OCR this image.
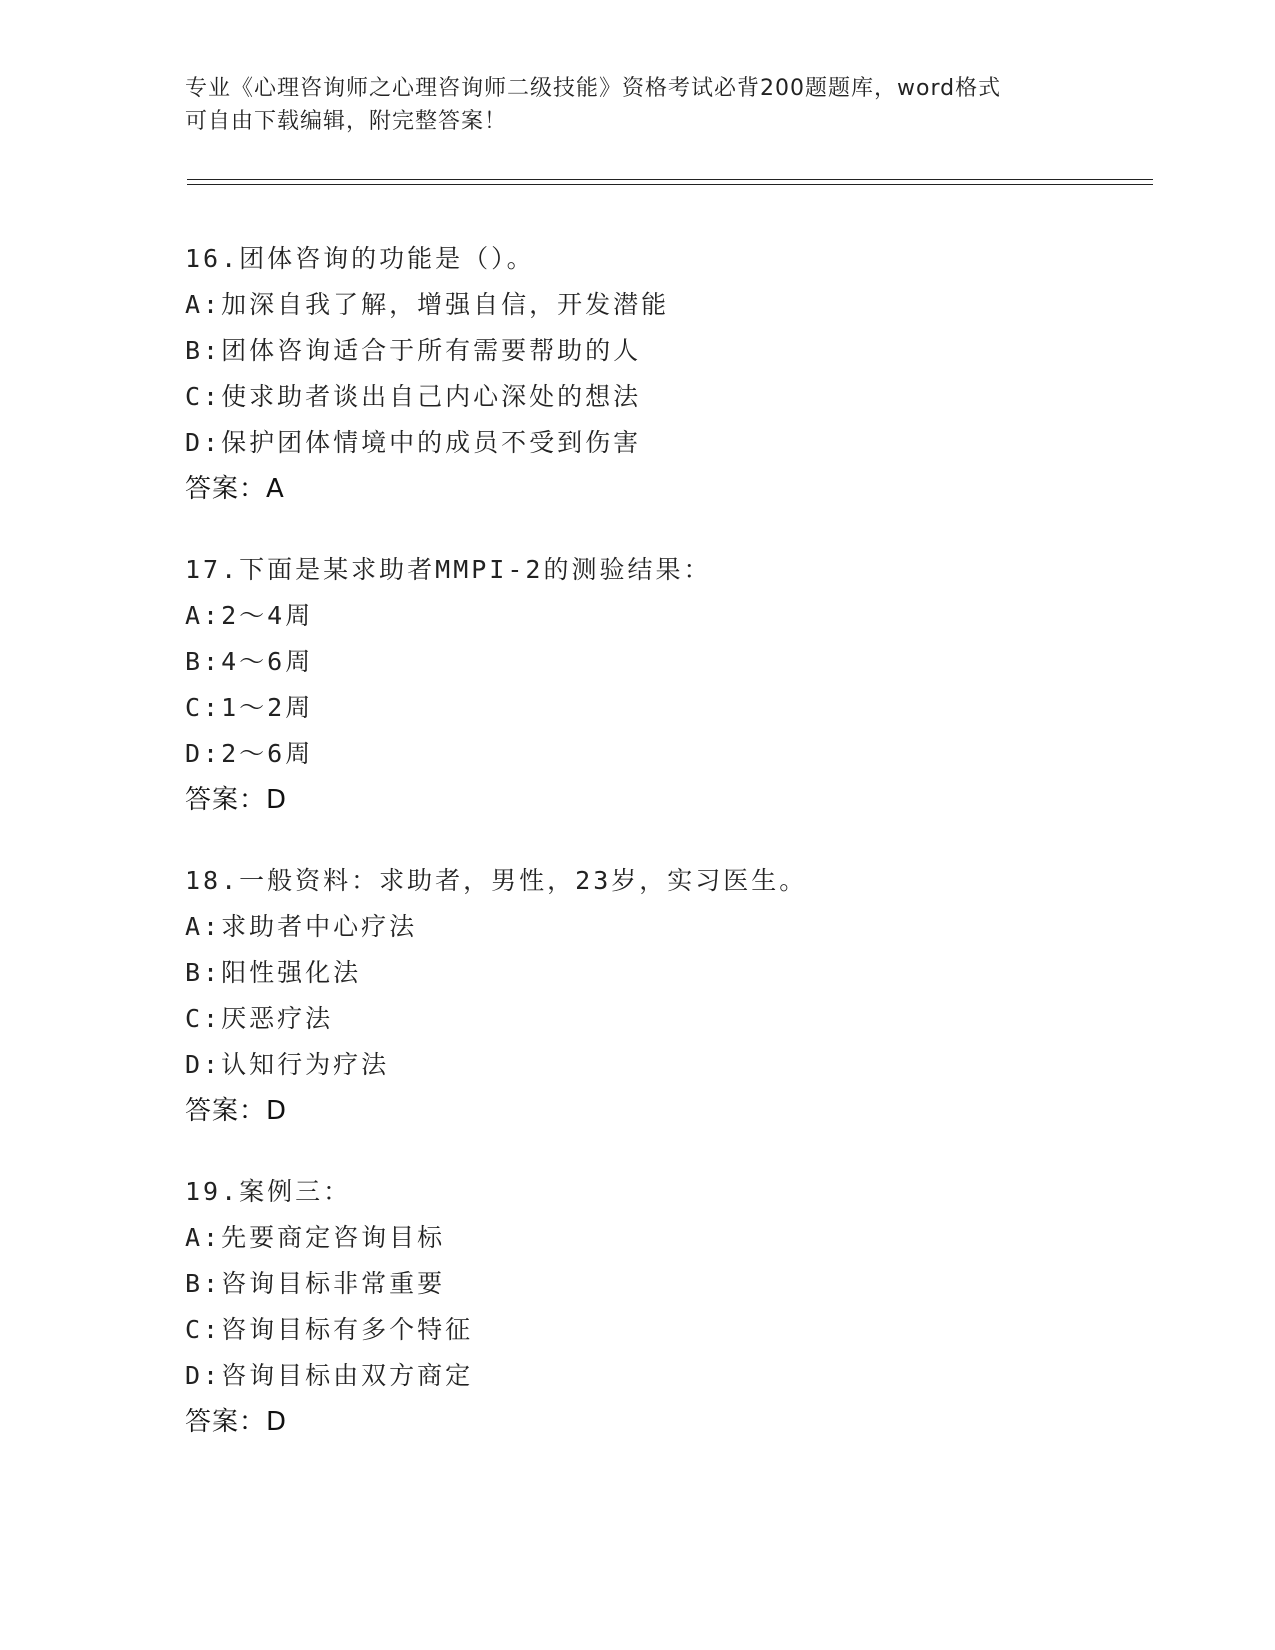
专业《心理咨询师之心理咨询师二级技能》资格考试必背200题题库，word格式
可自由下载编辑，附完整答案！
16.团体咨询的功能是（）。
A:加深自我了解，增强自信，开发潜能
B:团体咨询适合于所有需要帮助的人
C:使求助者谈出自己内心深处的想法
D:保护团体情境中的成员不受到伤害
答案：A
17.下面是某求助者MMPI-2的测验结果：
A:2～4周
B:4～6周
C:1～2周
D:2～6周
答案：D
18.一般资料：求助者，男性，23岁，实习医生。
A:求助者中心疗法
B:阳性强化法
C:厌恶疗法
D:认知行为疗法
答案：D
19.案例三：
A:先要商定咨询目标
B:咨询目标非常重要
C:咨询目标有多个特征
D:咨询目标由双方商定
答案：D
